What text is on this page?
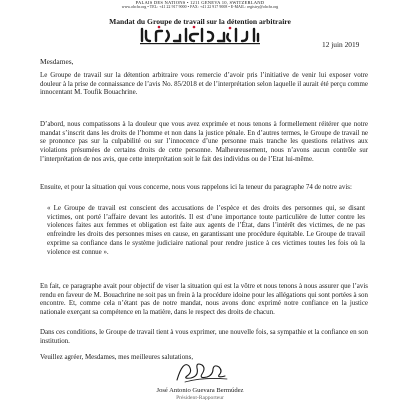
PALAIS DES NATIONS • 1211 GENEVA 10, SWITZERLAND
www.ohchr.org • TEL: +41 22 917 9000 • FAX: +41 22 917 9008 • E-MAIL: registry@ohchr.org
Mandat du Groupe de travail sur la détention arbitraire
12 juin 2019
Mesdames,
Le Groupe de travail sur la détention arbitraire vous remercie d’avoir pris l’initiative de venir lui exposer votre douleur à la prise de connaissance de l’avis No. 85/2018 et de l’interprétation selon laquelle il aurait été perçu comme innocentant M. Toufik Bouachrine.
D’abord, nous compatissons à la douleur que vous avez exprimée et nous tenons à formellement réitérer que notre mandat s’inscrit dans les droits de l’homme et non dans la justice pénale. En d’autres termes, le Groupe de travail ne se prononce pas sur la culpabilité ou sur l’innocence d’une personne mais tranche les questions relatives aux violations présumées de certains droits de cette personne. Malheureusement, nous n’avons aucun contrôle sur l’interprétation de nos avis, que cette interprétation soit le fait des individus ou de l’Etat lui-même.
Ensuite, et pour la situation qui vous concerne, nous vous rappelons ici la teneur du paragraphe 74 de notre avis:
« Le Groupe de travail est conscient des accusations de l’espèce et des droits des personnes qui, se disant victimes, ont porté l’affaire devant les autorités. Il est d’une importance toute particulière de lutter contre les violences faites aux femmes et obligation est faite aux agents de l’État, dans l’intérêt des victimes, de ne pas enfreindre les droits des personnes mises en cause, en garantissant une procédure équitable. Le Groupe de travail exprime sa confiance dans le système judiciaire national pour rendre justice à ces victimes toutes les fois où la violence est connue ».
En fait, ce paragraphe avait pour objectif de viser la situation qui est la vôtre et nous tenons à nous assurer que l’avis rendu en faveur de M. Bouachrine ne soit pas un frein à la procédure idoine pour les allégations qui sont portées à son encontre. Et, comme cela n’étant pas de notre mandat, nous avons donc exprimé notre confiance en la justice nationale exerçant sa compétence en la matière, dans le respect des droits de chacun.
Dans ces conditions, le Groupe de travail tient à vous exprimer, une nouvelle fois, sa sympathie et la confiance en son institution.
Veuillez agréer, Mesdames, mes meilleures salutations,
José Antonio Guevara Bermúdez
Président-Rapporteur
